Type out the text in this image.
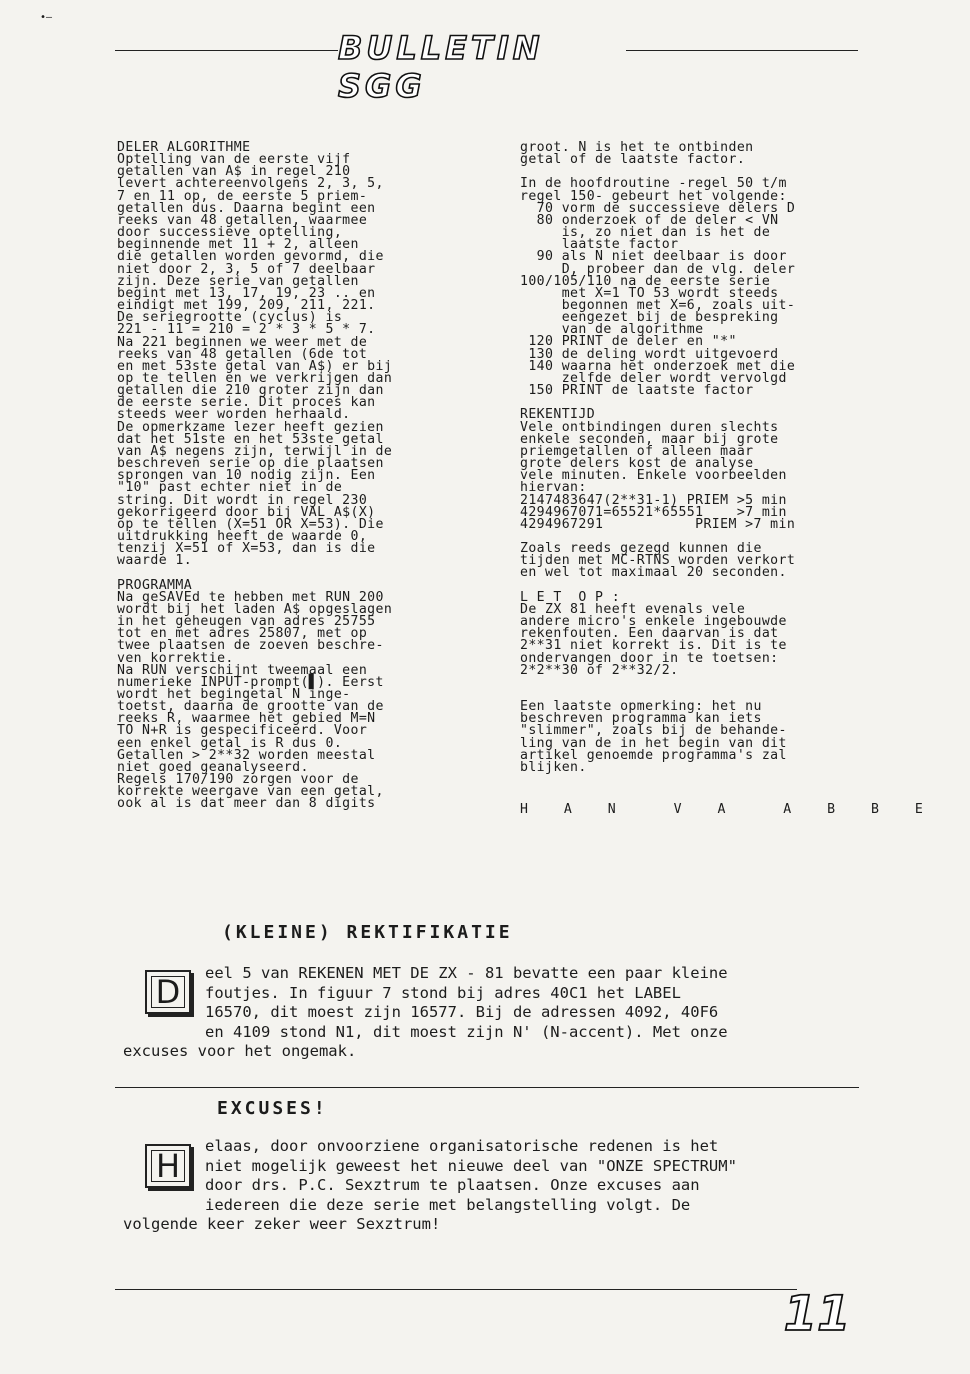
•—
BULLETIN SGG

DELER ALGORITHME

Optelling van de eerste vijf

getallen van A$ in regel 210

levert achtereenvolgens 2, 3, 5,

7 en 11 op, de eerste 5 priem-

getallen dus. Daarna begint een

reeks van 48 getallen, waarmee

door successieve optelling,

beginnende met 11 + 2, alleen

die getallen worden gevormd, die

niet door 2, 3, 5 of 7 deelbaar

zijn. Deze serie van getallen

begint met 13, 17, 19, 23 .. en

eindigt met 199, 209, 211, 221.

De seriegrootte (cyclus) is

221 - 11 = 210 = 2 * 3 * 5 * 7.

Na 221 beginnen we weer met de

reeks van 48 getallen (6de tot

en met 53ste getal van A$) er bij

op te tellen en we verkrijgen dan

getallen die 210 groter zijn dan

de eerste serie. Dit proces kan

steeds weer worden herhaald.

De opmerkzame lezer heeft gezien

dat het 51ste en het 53ste getal

van A$ negens zijn, terwijl in de

beschreven serie op die plaatsen

sprongen van 10 nodig zijn. Een

"10" past echter niet in de

string. Dit wordt in regel 230

gekorrigeerd door bij VAL A$(X)

op te tellen (X=51 OR X=53). Die

uitdrukking heeft de waarde 0,

tenzij X=51 of X=53, dan is die

waarde 1.

PROGRAMMA

Na geSAVEd te hebben met RUN 200

wordt bij het laden A$ opgeslagen

in het geheugen van adres 25755

tot en met adres 25807, met op

twee plaatsen de zoeven beschre-

ven korrektie.

Na RUN verschijnt tweemaal een

numerieke INPUT-prompt(▋). Eerst

wordt het begingetal N inge-

toetst, daarna de grootte van de

reeks R, waarmee het gebied M=N

TO N+R is gespecificeerd. Voor

een enkel getal is R dus 0.

Getallen > 2**32 worden meestal

niet goed geanalyseerd.

Regels 170/190 zorgen voor de

korrekte weergave van een getal,

ook al is dat meer dan 8 digits

groot. N is het te ontbinden

getal of de laatste factor.

In de hoofdroutine -regel 50 t/m

regel 150- gebeurt het volgende:

70 vorm de successieve delers D

80 onderzoek of de deler < VN

is, zo niet dan is het de

laatste factor

90 als N niet deelbaar is door

D, probeer dan de vlg. deler

100/105/110 na de eerste serie

met X=1 TO 53 wordt steeds

begonnen met X=6, zoals uit-

eengezet bij de bespreking

van de algorithme

120 PRINT de deler en "*"

130 de deling wordt uitgevoerd

140 waarna het onderzoek met die

zelfde deler wordt vervolgd

150 PRINT de laatste factor

REKENTIJD

Vele ontbindingen duren slechts

enkele seconden, maar bij grote

priemgetallen of alleen maar

grote delers kost de analyse

vele minuten. Enkele voorbeelden

hiervan:

2147483647(2**31-1) PRIEM >5 min

4294967071=65521*65551    >7 min

4294967291           PRIEM >7 min

Zoals reeds gezegd kunnen die

tijden met MC-RTNS worden verkort

en wel tot maximaal 20 seconden.

L E T  O P :

De ZX 81 heeft evenals vele

andere micro's enkele ingebouwde

rekenfouten. Een daarvan is dat

2**31 niet korrekt is. Dit is te

ondervangen door in te toetsen:

2*2**30 of 2**32/2.

Een laatste opmerking: het nu

beschreven programma kan iets

"slimmer", zoals bij de behande-

ling van de in het begin van dit

artikel genoemde programma's zal

blijken.

H A N  V A  A B B E

(KLEINE) REKTIFIKATIE
D	eel 5 van REKENEN MET DE ZX - 81 bevatte een paar kleine
foutjes. In figuur 7 stond bij adres 40C1 het LABEL
16570, dit moest zijn 16577. Bij de adressen 4092, 40F6
en 4109 stond N1, dit moest zijn N' (N-accent). Met onze
excuses voor het ongemak.
EXCUSES!
H
elaas, door onvoorziene organisatorische redenen is het
niet mogelijk geweest het nieuwe deel van "ONZE SPECTRUM"
door drs. P.C. Sexztrum te plaatsen. Onze excuses aan
iedereen die deze serie met belangstelling volgt. De
volgende keer zeker weer Sexztrum!
11
